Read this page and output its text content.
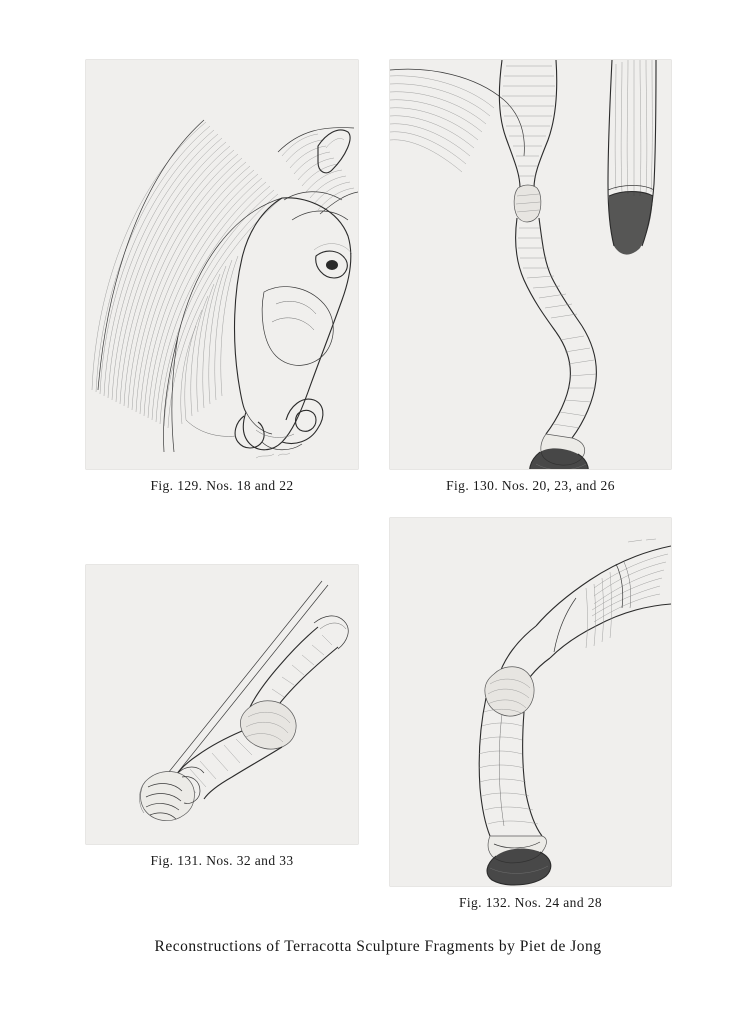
Fig. 129. Nos. 18 and 22	Fig. 130. Nos. 20, 23, and 26
Fig. 131. Nos. 32 and 33
Fig. 132. Nos. 24 and 28
Reconstructions of Terracotta Sculpture Fragments by Piet de Jong
